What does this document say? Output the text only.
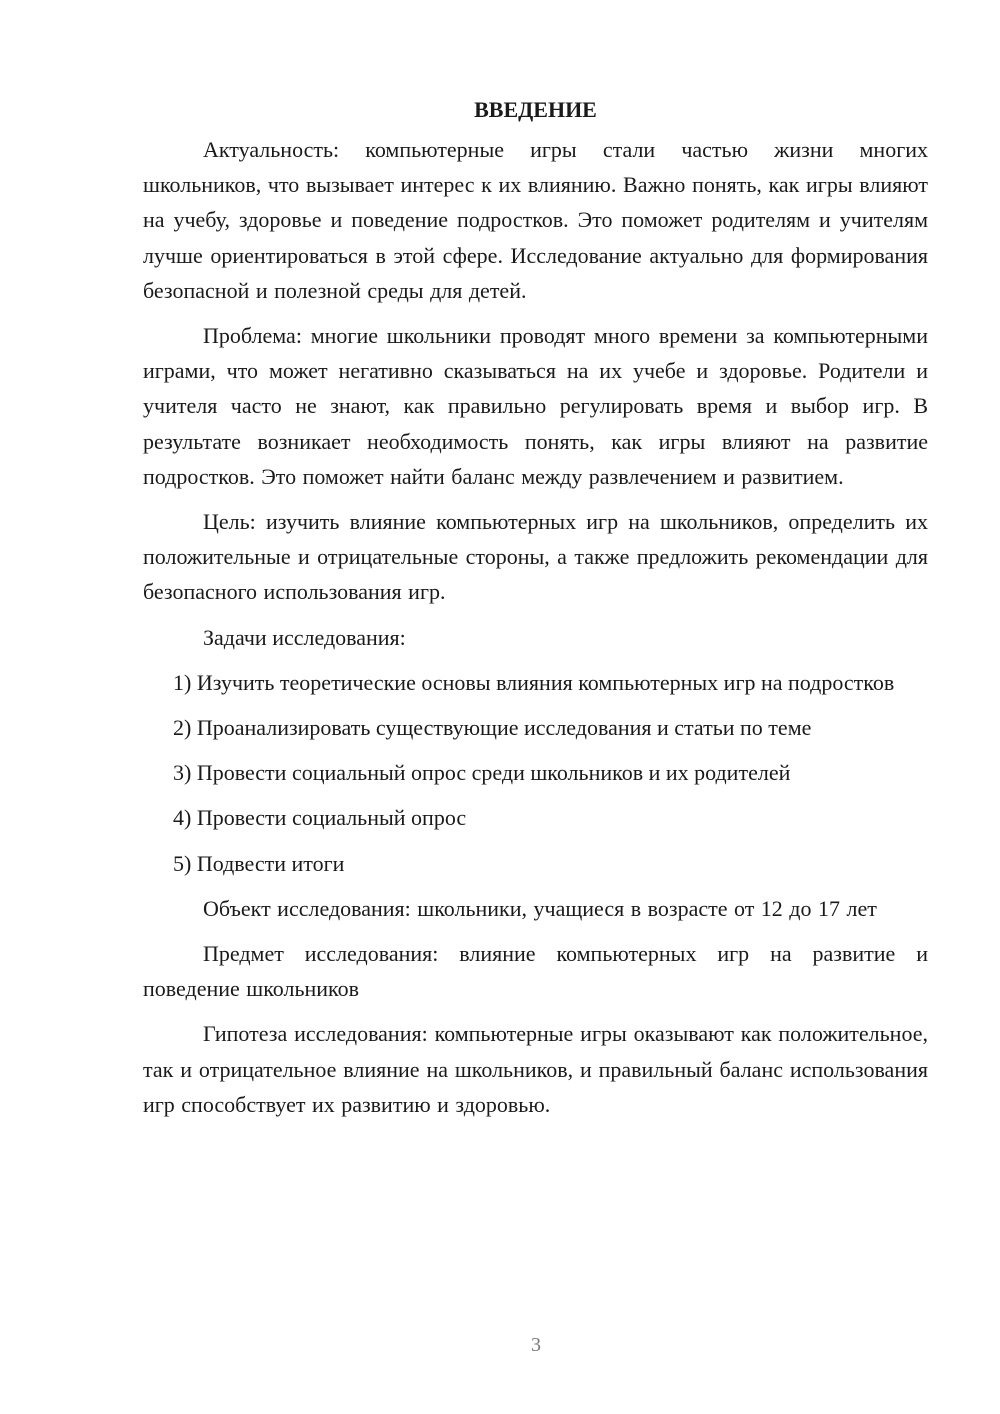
ВВЕДЕНИЕ

Актуальность: компьютерные игры стали частью жизни многих школьников, что вызывает интерес к их влиянию. Важно понять, как игры влияют на учебу, здоровье и поведение подростков. Это поможет родителям и учителям лучше ориентироваться в этой сфере. Исследование актуально для формирования безопасной и полезной среды для детей.

Проблема: многие школьники проводят много времени за компьютерными играми, что может негативно сказываться на их учебе и здоровье. Родители и учителя часто не знают, как правильно регулировать время и выбор игр. В результате возникает необходимость понять, как игры влияют на развитие подростков. Это поможет найти баланс между развлечением и развитием.

Цель: изучить влияние компьютерных игр на школьников, определить их положительные и отрицательные стороны, а также предложить рекомендации для безопасного использования игр.

Задачи исследования:

1) Изучить теоретические основы влияния компьютерных игр на подростков

2) Проанализировать существующие исследования и статьи по теме

3) Провести социальный опрос среди школьников и их родителей

4) Провести социальный опрос

5) Подвести итоги

Объект исследования: школьники, учащиеся в возрасте от 12 до 17 лет

Предмет исследования: влияние компьютерных игр на развитие и поведение школьников

Гипотеза исследования: компьютерные игры оказывают как положительное, так и отрицательное влияние на школьников, и правильный баланс использования игр способствует их развитию и здоровью.

3
